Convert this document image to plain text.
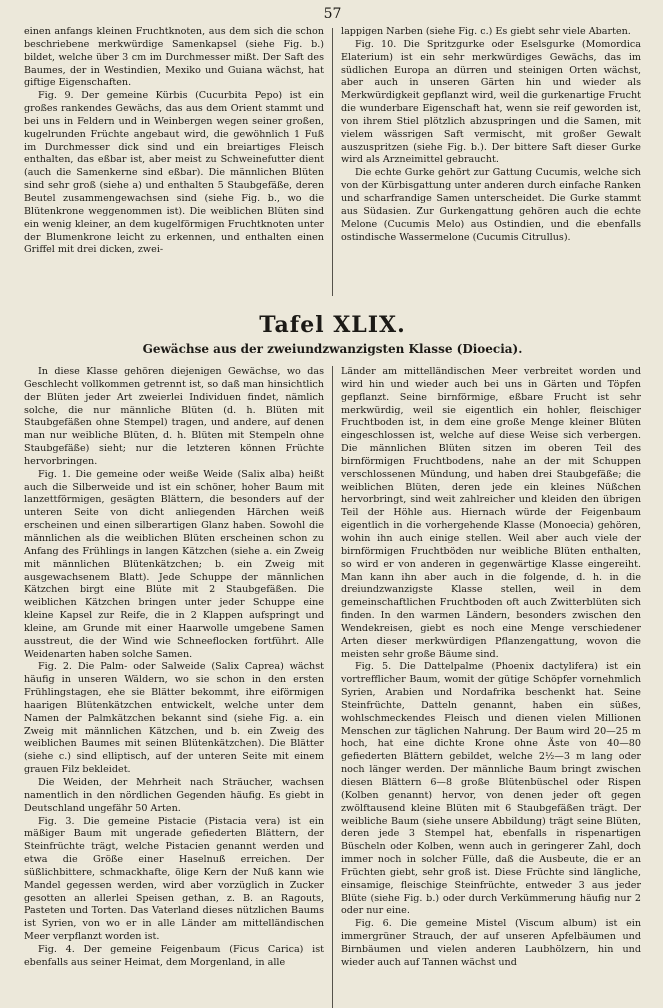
57

einen anfangs kleinen Fruchtknoten, aus dem sich die schon beschriebene merkwürdige Samenkapsel (siehe Fig. b.) bildet, welche über 3 cm im Durchmesser mißt. Der Saft des Baumes, der in Westindien, Mexiko und Guiana wächst, hat giftige Eigenschaften.

Fig. 9. Der gemeine Kürbis (Cucurbita Pepo) ist ein großes rankendes Gewächs, das aus dem Orient stammt und bei uns in Feldern und in Weinbergen wegen seiner großen, kugelrunden Früchte angebaut wird, die gewöhnlich 1 Fuß im Durchmesser dick sind und ein breiartiges Fleisch enthalten, das eßbar ist, aber meist zu Schweinefutter dient (auch die Samenkerne sind eßbar). Die männlichen Blüten sind sehr groß (siehe a) und enthalten 5 Staubgefäße, deren Beutel zusammengewachsen sind (siehe Fig. b., wo die Blütenkrone weggenommen ist). Die weiblichen Blüten sind ein wenig kleiner, an dem kugelförmigen Fruchtknoten unter der Blumenkrone leicht zu erkennen, und enthalten einen Griffel mit drei dicken, zwei-

lappigen Narben (siehe Fig. c.) Es giebt sehr viele Abarten.

Fig. 10. Die Spritzgurke oder Eselsgurke (Momordica Elaterium) ist ein sehr merkwürdiges Gewächs, das im südlichen Europa an dürren und steinigen Orten wächst, aber auch in unseren Gärten hin und wieder als Merkwürdigkeit gepflanzt wird, weil die gurkenartige Frucht die wunderbare Eigenschaft hat, wenn sie reif geworden ist, von ihrem Stiel plötzlich abzuspringen und die Samen, mit vielem wässrigen Saft vermischt, mit großer Gewalt auszuspritzen (siehe Fig. b.). Der bittere Saft dieser Gurke wird als Arzneimittel gebraucht.

Die echte Gurke gehört zur Gattung Cucumis, welche sich von der Kürbisgattung unter anderen durch einfache Ranken und scharfrandige Samen unterscheidet. Die Gurke stammt aus Südasien. Zur Gurkengattung gehören auch die echte Melone (Cucumis Melo) aus Ostindien, und die ebenfalls ostindische Wassermelone (Cucumis Citrullus).

Tafel XLIX.
Gewächse aus der zweiundzwanzigsten Klasse (Dioecia).

In diese Klasse gehören diejenigen Gewächse, wo das Geschlecht vollkommen getrennt ist, so daß man hinsichtlich der Blüten jeder Art zweierlei Individuen findet, nämlich solche, die nur männliche Blüten (d. h. Blüten mit Staubgefäßen ohne Stempel) tragen, und andere, auf denen man nur weibliche Blüten, d. h. Blüten mit Stempeln ohne Staubgefäße) sieht; nur die letzteren können Früchte hervorbringen.

Fig. 1. Die gemeine oder weiße Weide (Salix alba) heißt auch die Silberweide und ist ein schöner, hoher Baum mit lanzettförmigen, gesägten Blättern, die besonders auf der unteren Seite von dicht anliegenden Härchen weiß erscheinen und einen silberartigen Glanz haben. Sowohl die männlichen als die weiblichen Blüten erscheinen schon zu Anfang des Frühlings in langen Kätzchen (siehe a. ein Zweig mit männlichen Blütenkätzchen; b. ein Zweig mit ausgewachsenem Blatt). Jede Schuppe der männlichen Kätzchen birgt eine Blüte mit 2 Staubgefäßen. Die weiblichen Kätzchen bringen unter jeder Schuppe eine kleine Kapsel zur Reife, die in 2 Klappen aufspringt und kleine, am Grunde mit einer Haarwolle umgebene Samen ausstreut, die der Wind wie Schneeflocken fortführt. Alle Weidenarten haben solche Samen.

Fig. 2. Die Palm- oder Salweide (Salix Caprea) wächst häufig in unseren Wäldern, wo sie schon in den ersten Frühlingstagen, ehe sie Blätter bekommt, ihre eiförmigen haarigen Blütenkätzchen entwickelt, welche unter dem Namen der Palmkätzchen bekannt sind (siehe Fig. a. ein Zweig mit männlichen Kätzchen, und b. ein Zweig des weiblichen Baumes mit seinen Blütenkätzchen). Die Blätter (siehe c.) sind elliptisch, auf der unteren Seite mit einem grauen Filz bekleidet.

Die Weiden, der Mehrheit nach Sträucher, wachsen namentlich in den nördlichen Gegenden häufig. Es giebt in Deutschland ungefähr 50 Arten.

Fig. 3. Die gemeine Pistacie (Pistacia vera) ist ein mäßiger Baum mit ungerade gefiederten Blättern, der Steinfrüchte trägt, welche Pistacien genannt werden und etwa die Größe einer Haselnuß erreichen. Der süßlichbittere, schmackhafte, ölige Kern der Nuß kann wie Mandel gegessen werden, wird aber vorzüglich in Zucker gesotten an allerlei Speisen gethan, z. B. an Ragouts, Pasteten und Torten. Das Vaterland dieses nützlichen Baums ist Syrien, von wo er in alle Länder am mittelländischen Meer verpflanzt worden ist.

Fig. 4. Der gemeine Feigenbaum (Ficus Carica) ist ebenfalls aus seiner Heimat, dem Morgenland, in alle

Länder am mittelländischen Meer verbreitet worden und wird hin und wieder auch bei uns in Gärten und Töpfen gepflanzt. Seine birnförmige, eßbare Frucht ist sehr merkwürdig, weil sie eigentlich ein hohler, fleischiger Fruchtboden ist, in dem eine große Menge kleiner Blüten eingeschlossen ist, welche auf diese Weise sich verbergen. Die männlichen Blüten sitzen im oberen Teil des birnförmigen Fruchtbodens, nahe an der mit Schuppen verschlossenen Mündung, und haben drei Staubgefäße; die weiblichen Blüten, deren jede ein kleines Nüßchen hervorbringt, sind weit zahlreicher und kleiden den übrigen Teil der Höhle aus. Hiernach würde der Feigenbaum eigentlich in die vorhergehende Klasse (Monoecia) gehören, wohin ihn auch einige stellen. Weil aber auch viele der birnförmigen Fruchtböden nur weibliche Blüten enthalten, so wird er von anderen in gegenwärtige Klasse eingereiht. Man kann ihn aber auch in die folgende, d. h. in die dreiundzwanzigste Klasse stellen, weil in dem gemeinschaftlichen Fruchtboden oft auch Zwitterblüten sich finden. In den warmen Ländern, besonders zwischen den Wendekreisen, giebt es noch eine Menge verschiedener Arten dieser merkwürdigen Pflanzengattung, wovon die meisten sehr große Bäume sind.

Fig. 5. Die Dattelpalme (Phoenix dactylifera) ist ein vortrefflicher Baum, womit der gütige Schöpfer vornehmlich Syrien, Arabien und Nordafrika beschenkt hat. Seine Steinfrüchte, Datteln genannt, haben ein süßes, wohlschmeckendes Fleisch und dienen vielen Millionen Menschen zur täglichen Nahrung. Der Baum wird 20—25 m hoch, hat eine dichte Krone ohne Äste von 40—80 gefiederten Blättern gebildet, welche 2½—3 m lang oder noch länger werden. Der männliche Baum bringt zwischen diesen Blättern 6—8 große Blütenbüschel oder Rispen (Kolben genannt) hervor, von denen jeder oft gegen zwölftausend kleine Blüten mit 6 Staubgefäßen trägt. Der weibliche Baum (siehe unsere Abbildung) trägt seine Blüten, deren jede 3 Stempel hat, ebenfalls in rispenartigen Büscheln oder Kolben, wenn auch in geringerer Zahl, doch immer noch in solcher Fülle, daß die Ausbeute, die er an Früchten giebt, sehr groß ist. Diese Früchte sind längliche, einsamige, fleischige Steinfrüchte, entweder 3 aus jeder Blüte (siehe Fig. b.) oder durch Verkümmerung häufig nur 2 oder nur eine.

Fig. 6. Die gemeine Mistel (Viscum album) ist ein immergrüner Strauch, der auf unseren Apfelbäumen und Birnbäumen und vielen anderen Laubhölzern, hin und wieder auch auf Tannen wächst und
